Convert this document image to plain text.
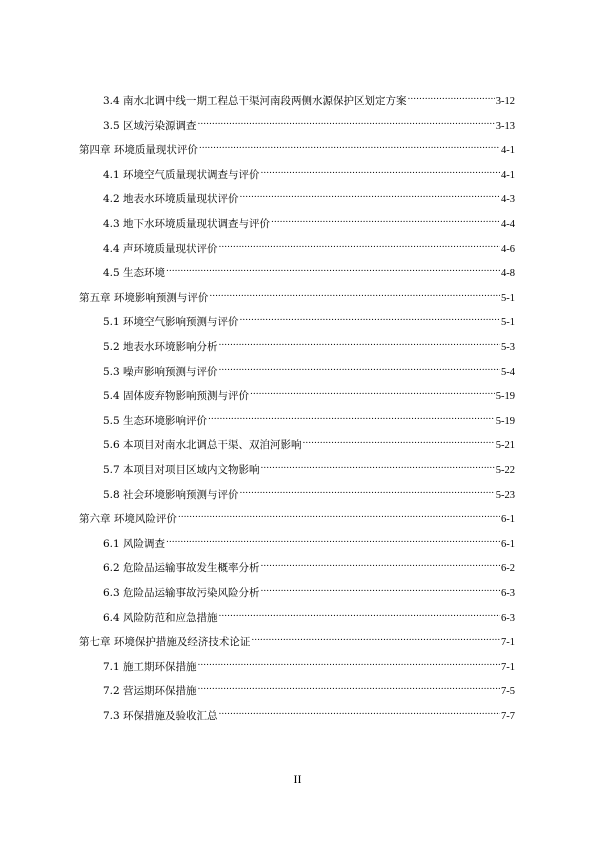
3.4 南水北调中线一期工程总干渠河南段两侧水源保护区划定方案 .....	3-12
3.5 区域污染源调查 .....	3-13
第四章 环境质量现状评价 .....	4-1
4.1 环境空气质量现状调查与评价 .....	4-1
4.2 地表水环境质量现状评价 .....	4-3
4.3 地下水环境质量现状调查与评价 .....	4-4
4.4 声环境质量现状评价 .....	4-6
4.5 生态环境 .....	4-8
第五章 环境影响预测与评价 .....	5-1
5.1 环境空气影响预测与评价 .....	5-1
5.2 地表水环境影响分析 .....	5-3
5.3 噪声影响预测与评价 .....	5-4
5.4 固体废弃物影响预测与评价 .....	5-19
5.5 生态环境影响评价 .....	5-19
5.6 本项目对南水北调总干渠、双洎河影响 .....	5-21
5.7 本项目对项目区域内文物影响 .....	5-22
5.8 社会环境影响预测与评价 .....	5-23
第六章 环境风险评价 .....	6-1
6.1 风险调查 .....	6-1
6.2 危险品运输事故发生概率分析 .....	6-2
6.3 危险品运输事故污染风险分析 .....	6-3
6.4 风险防范和应急措施 .....	6-3
第七章 环境保护措施及经济技术论证 .....	7-1
7.1 施工期环保措施 .....	7-1
7.2 营运期环保措施 .....	7-5
7.3 环保措施及验收汇总 .....	7-7
II
